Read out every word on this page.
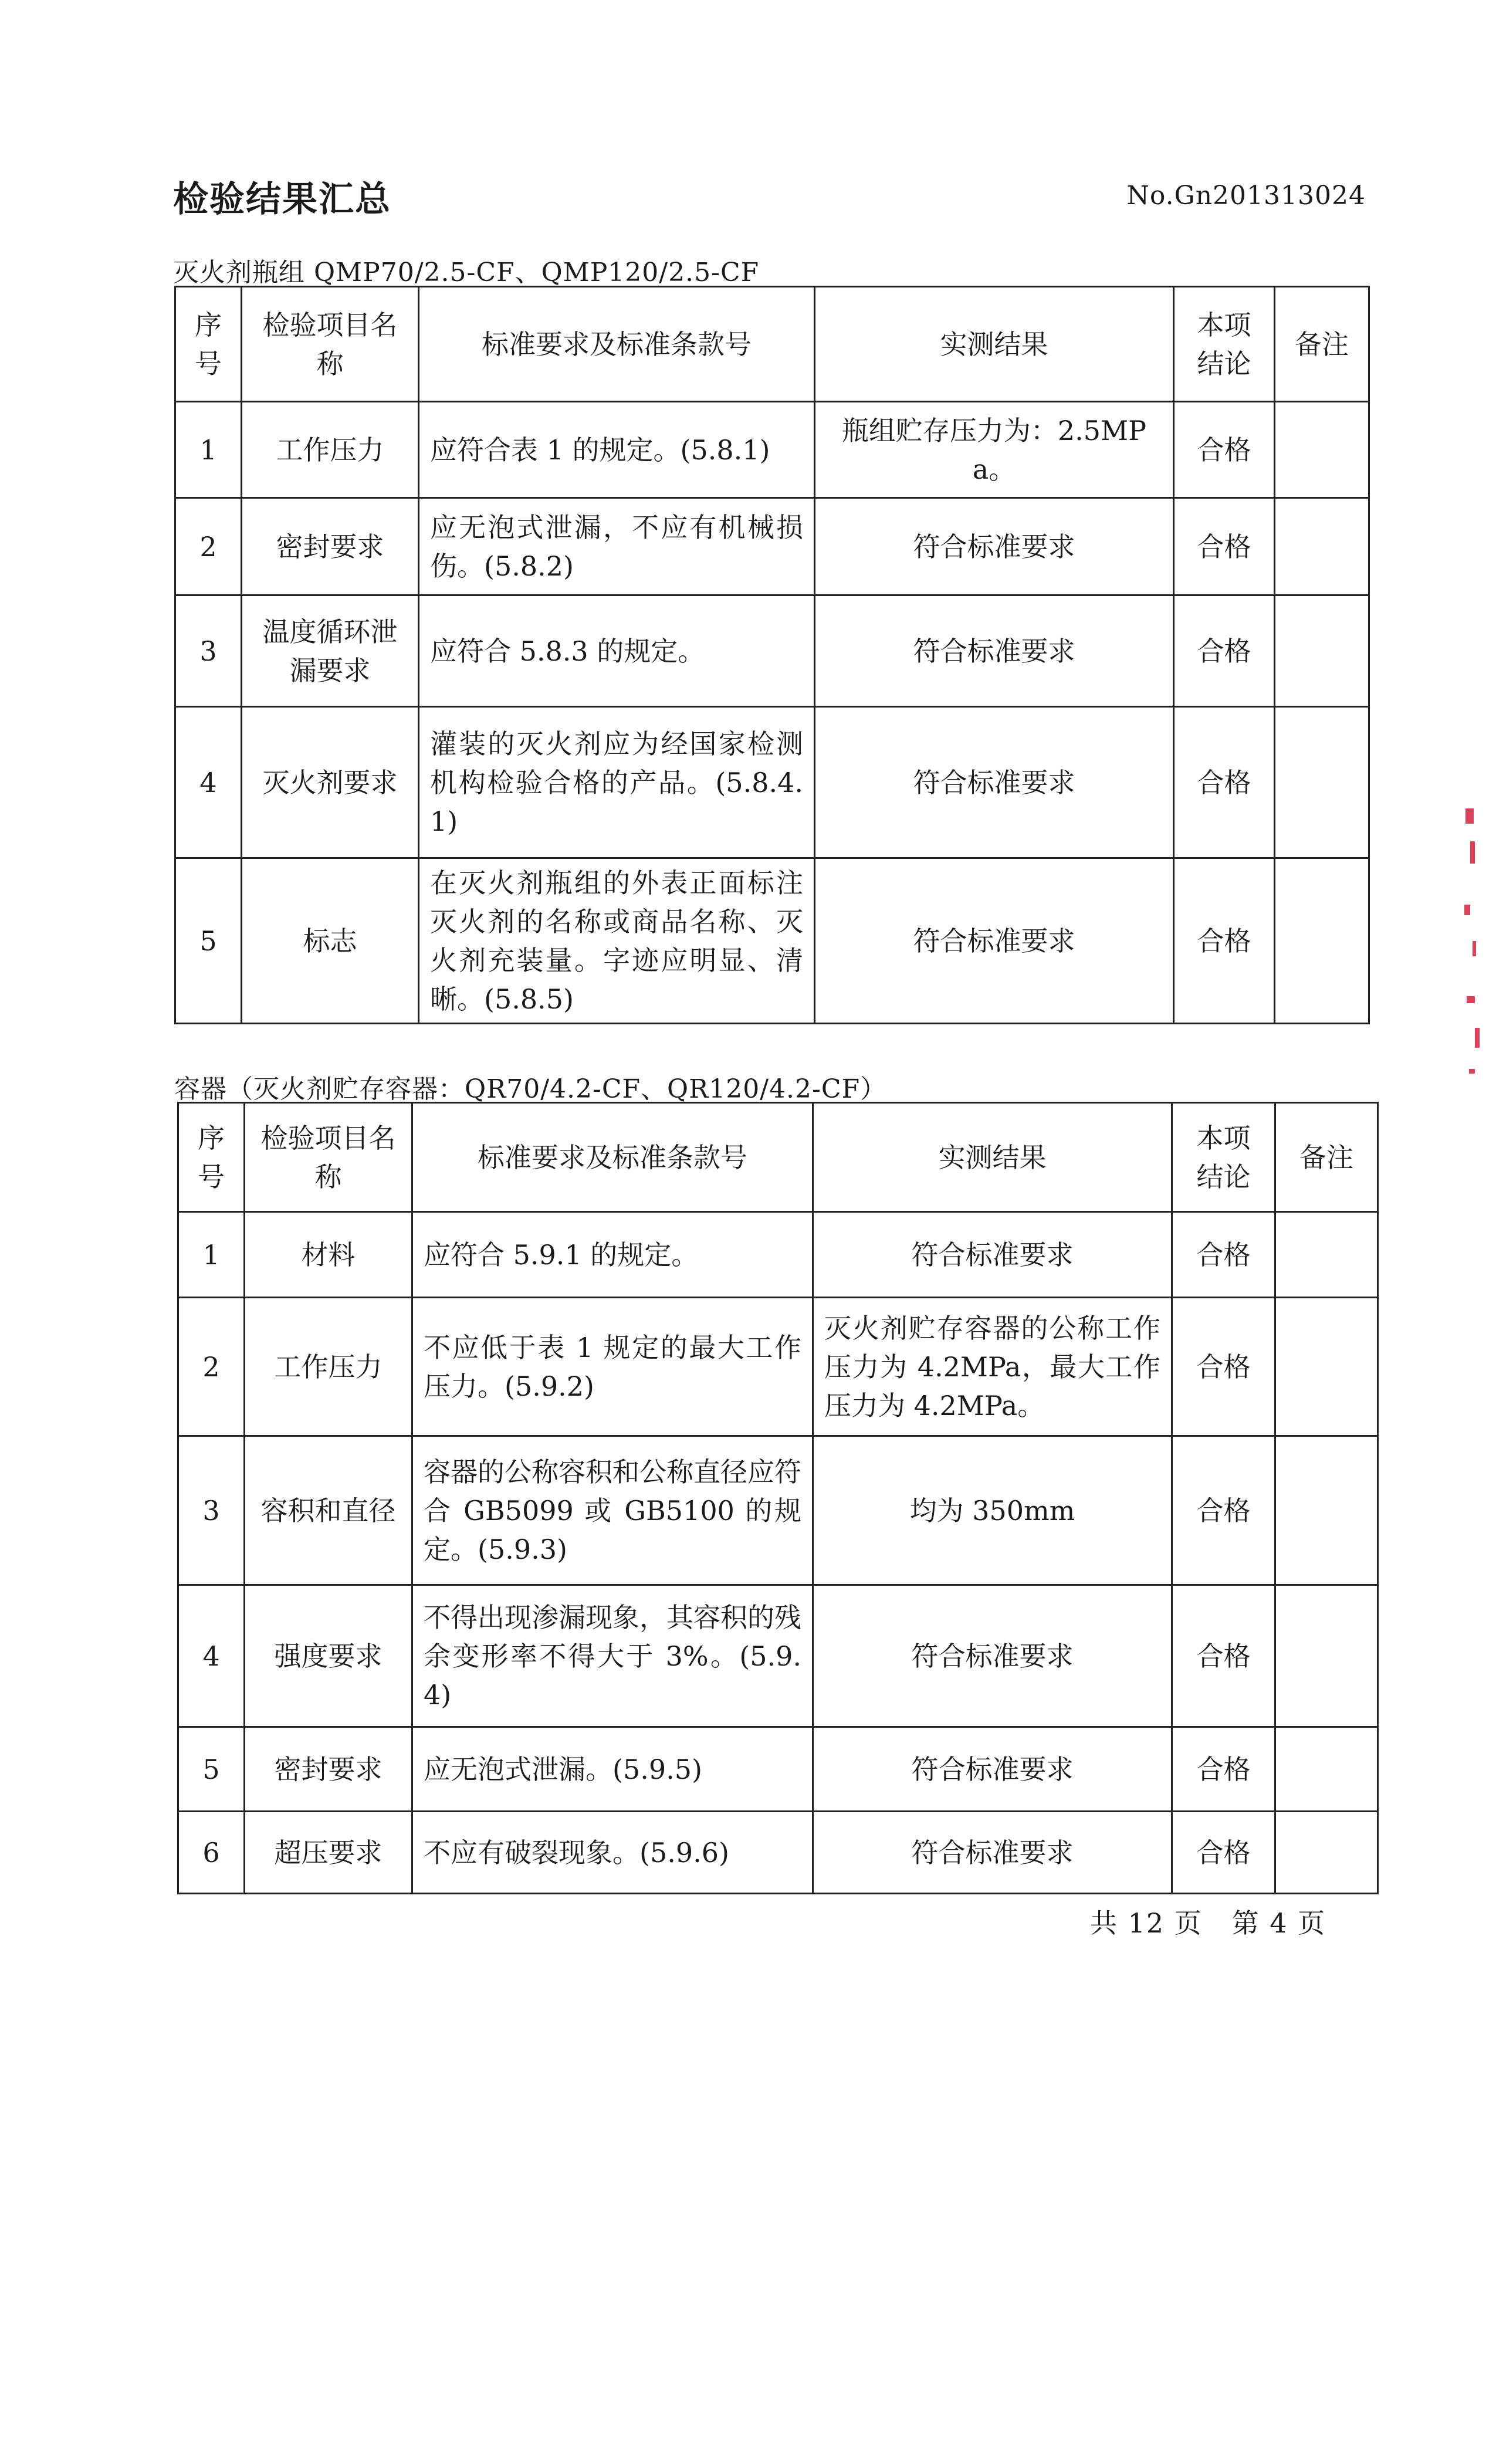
检验结果汇总	No.Gn201313024
灭火剂瓶组 QMP70/2.5-CF、QMP120/2.5-CF
序号	检验项目名称	标准要求及标准条款号	实测结果	本项结论	备注
1	工作压力	应符合表 1 的规定。(5.8.1)	瓶组贮存压力为：2.5MPa。	合格	
2	密封要求	应无泡式泄漏，不应有机械损伤。(5.8.2)	符合标准要求	合格	
3	温度循环泄漏要求	应符合 5.8.3 的规定。	符合标准要求	合格	
4	灭火剂要求	灌装的灭火剂应为经国家检测机构检验合格的产品。(5.8.4.1)	符合标准要求	合格	
5	标志	在灭火剂瓶组的外表正面标注灭火剂的名称或商品名称、灭火剂充装量。字迹应明显、清晰。(5.8.5)	符合标准要求	合格	
容器（灭火剂贮存容器：QR70/4.2-CF、QR120/4.2-CF）
序号	检验项目名称	标准要求及标准条款号	实测结果	本项结论	备注
1	材料	应符合 5.9.1 的规定。	符合标准要求	合格	
2	工作压力	不应低于表 1 规定的最大工作压力。(5.9.2)	灭火剂贮存容器的公称工作压力为 4.2MPa，最大工作压力为 4.2MPa。	合格	
3	容积和直径	容器的公称容积和公称直径应符合 GB5099 或 GB5100 的规定。(5.9.3)	均为 350mm	合格	
4	强度要求	不得出现渗漏现象，其容积的残余变形率不得大于 3%。(5.9.4)	符合标准要求	合格	
5	密封要求	应无泡式泄漏。(5.9.5)	符合标准要求	合格	
6	超压要求	不应有破裂现象。(5.9.6)	符合标准要求	合格	
共 12 页 第 4 页
